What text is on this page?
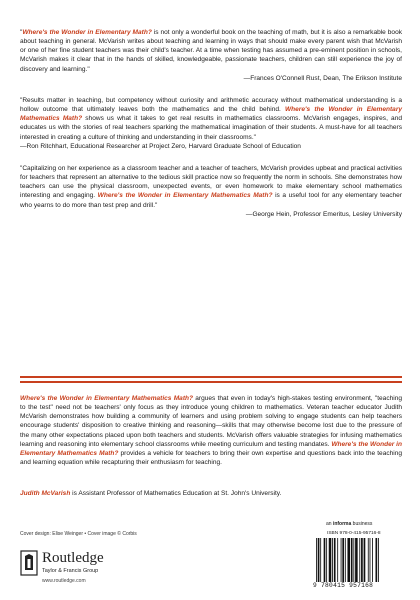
"Where's the Wonder in Elementary Math? is not only a wonderful book on the teaching of math, but it is also a remarkable book about teaching in general. McVarish writes about teaching and learning in ways that should make every parent wish that McVarish or one of her fine student teachers was their child's teacher. At a time when testing has assumed a pre-eminent position in schools, McVarish makes it clear that in the hands of skilled, knowledgeable, passionate teachers, children can still experience the joy of discovery and learning."

—Frances O'Connell Rust, Dean, The Erikson Institute

"Results matter in teaching, but competency without curiosity and arithmetic accuracy without mathematical understanding is a hollow outcome that ultimately leaves both the mathematics and the child behind. Where's the Wonder in Elementary Mathematics Math? shows us what it takes to get real results in mathematics classrooms. McVarish engages, inspires, and educates us with the stories of real teachers sparking the mathematical imagination of their students. A must-have for all teachers interested in creating a culture of thinking and understanding in their classrooms."

—Ron Ritchhart, Educational Researcher at Project Zero, Harvard Graduate School of Education

"Capitalizing on her experience as a classroom teacher and a teacher of teachers, McVarish provides upbeat and practical activities for teachers that represent an alternative to the tedious skill practice now so frequently the norm in schools. She demonstrates how teachers can use the physical classroom, unexpected events, or even homework to make elementary school mathematics interesting and engaging. Where's the Wonder in Elementary Mathematics Math? is a useful tool for any elementary teacher who yearns to do more than test prep and drill."

—George Hein, Professor Emeritus, Lesley University

Where's the Wonder in Elementary Mathematics Math? argues that even in today's high-stakes testing environment, "teaching to the test" need not be teachers' only focus as they introduce young children to mathematics. Veteran teacher educator Judith McVarish demonstrates how building a community of learners and using problem solving to engage students can help teachers encourage students' disposition to creative thinking and reasoning—skills that may otherwise become lost due to the pressure of the many other expectations placed upon both teachers and students. McVarish offers valuable strategies for infusing mathematics learning and reasoning into elementary school classrooms while meeting curriculum and testing mandates. Where's the Wonder in Elementary Mathematics Math? provides a vehicle for teachers to bring their own expertise and questions back into the teaching and learning equation while recapturing their enthusiasm for teaching.

Judith McVarish is Assistant Professor of Mathematics Education at St. John's University.
Cover design: Elise Weinger • Cover image © Corbis
Routledge
Taylor & Francis Group
www.routledge.com
an informa business
ISBN 978-0-415-95716-8
9 780415 957168
